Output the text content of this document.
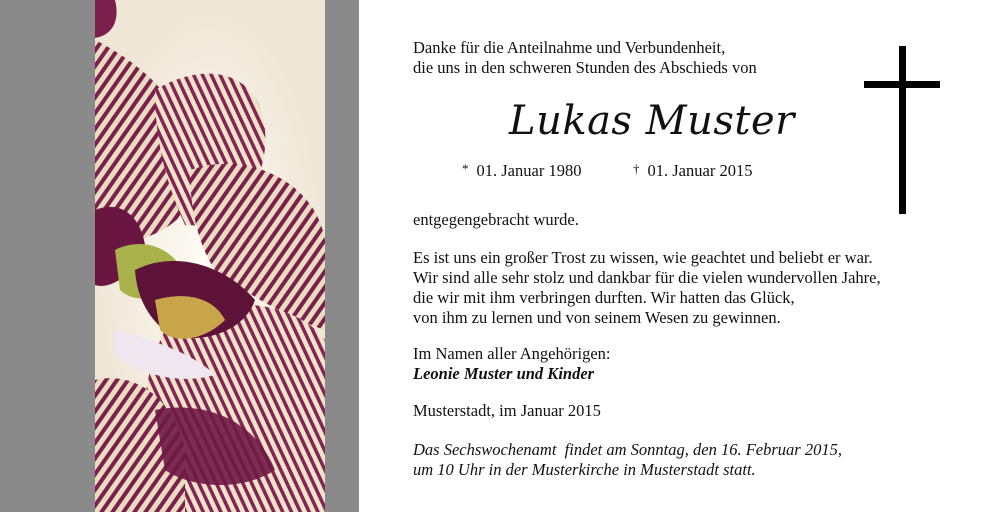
Danke für die Anteilnahme und Verbundenheit,
die uns in den schweren Stunden des Abschieds von
Lukas Muster
* 01. Januar 1980	† 01. Januar 2015
entgegengebracht wurde.
Es ist uns ein großer Trost zu wissen, wie geachtet und beliebt er war.
Wir sind alle sehr stolz und dankbar für die vielen wundervollen Jahre,
die wir mit ihm verbringen durften. Wir hatten das Glück,
von ihm zu lernen und von seinem Wesen zu gewinnen.
Im Namen aller Angehörigen:
Leonie Muster und Kinder
Musterstadt, im Januar 2015
Das Sechswochenamt  findet am Sonntag, den 16. Februar 2015,
um 10 Uhr in der Musterkirche in Musterstadt statt.
